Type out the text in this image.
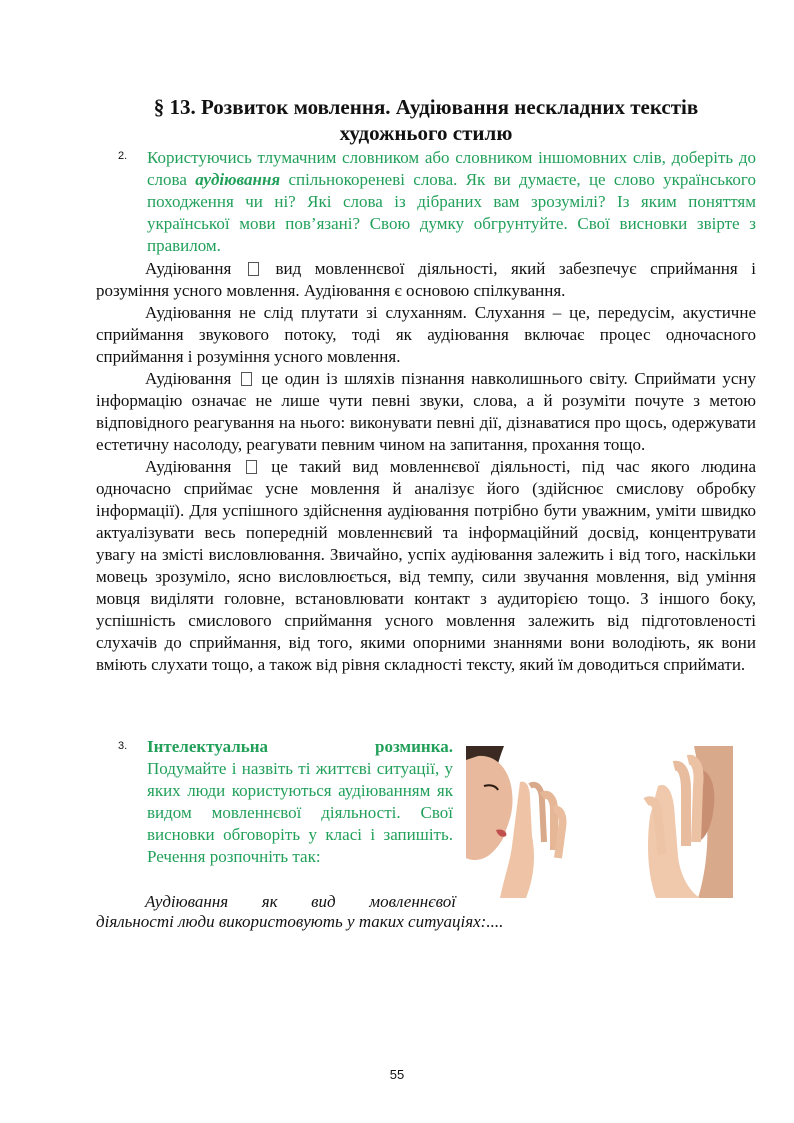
§ 13. Розвиток мовлення. Аудіювання нескладних текстів
художнього стилю
2. Користуючись тлумачним словником або словником іншомовних слів, доберіть до слова аудіювання спільнокореневі слова. Як ви думаєте, це слово українського походження чи ні? Які слова із дібраних вам зрозумілі? Із яким поняттям української мови пов’язані? Свою думку обгрунтуйте. Свої висновки звірте з правилом.

Аудіювання  вид мовленнєвої діяльності, який забезпечує сприймання і розуміння усного мовлення. Аудіювання є основою спілкування.

Аудіювання не слід плутати зі слуханням. Слухання – це, передусім, акустичне сприймання звукового потоку, тоді як аудіювання включає процес одночасного сприймання і розуміння усного мовлення.

Аудіювання  це один із шляхів пізнання навколишнього світу. Сприймати усну інформацію означає не лише чути певні звуки, слова, а й розуміти почуте з метою відповідного реагування на нього: виконувати певні дії, дізнаватися про щось, одержувати естетичну насолоду, реагувати певним чином на запитання, прохання тощо.

Аудіювання  це такий вид мовленнєвої діяльності, під час якого людина одночасно сприймає усне мовлення й аналізує його (здійснює смислову обробку інформації). Для успішного здійснення аудіювання потрібно бути уважним, уміти швидко актуалізувати весь попередній мовленнєвий та інформаційний досвід, концентрувати увагу на змісті висловлювання. Звичайно, успіх аудіювання залежить і від того, наскільки мовець зрозуміло, ясно висловлюється, від темпу, сили звучання мовлення, від уміння мовця виділяти головне, встановлювати контакт з аудиторією тощо. З іншого боку, успішність смислового сприймання усного мовлення залежить від підготовленості слухачів до сприймання, від того, якими опорними знаннями вони володіють, як вони вміють слухати тощо, а також від рівня складності тексту, який їм доводиться сприймати.

3. Інтелектуальна розминка.Подумайте і назвіть ті життєві ситуації, у яких люди користуються аудіюванням як видом мовленнєвої діяльності. Свої висновки обговоріть у класі і запишіть. Речення розпочніть так:
Аудіювання як вид мовленнєвої
діяльності люди використовують у таких ситуаціях:....
55
